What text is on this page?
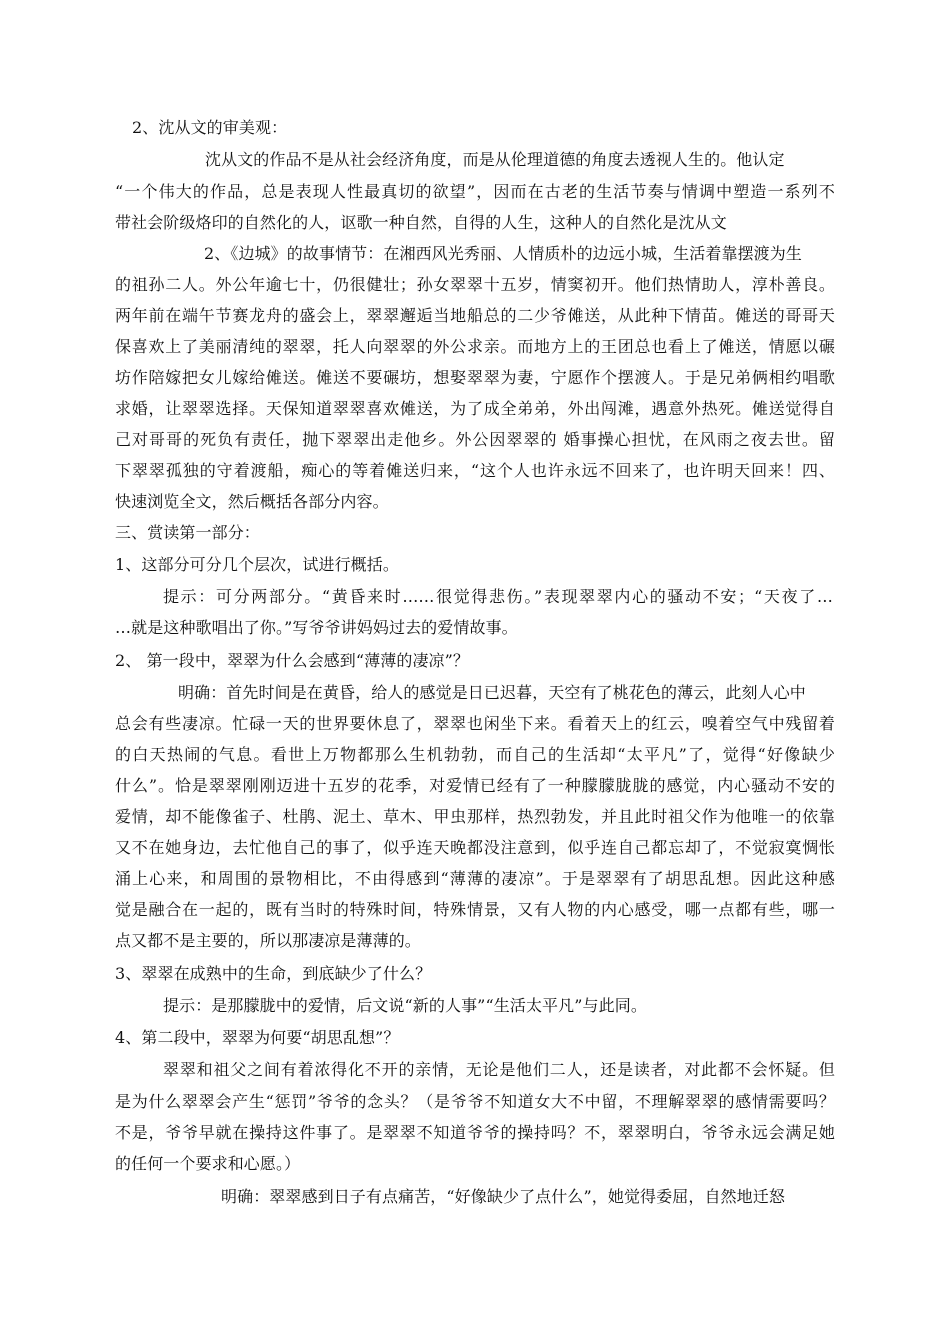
2、沈从文的审美观：
沈从文的作品不是从社会经济角度，而是从伦理道德的角度去透视人生的。他认定
“一个伟大的作品，总是表现人性最真切的欲望”，因而在古老的生活节奏与情调中塑造一系列不
带社会阶级烙印的自然化的人，讴歌一种自然，自得的人生，这种人的自然化是沈从文
2、《边城》的故事情节：在湘西风光秀丽、人情质朴的边远小城，生活着靠摆渡为生
的祖孙二人。外公年逾七十，仍很健壮；孙女翠翠十五岁，情窦初开。他们热情助人，淳朴善良。
两年前在端午节赛龙舟的盛会上，翠翠邂逅当地船总的二少爷傩送，从此种下情苗。傩送的哥哥天
保喜欢上了美丽清纯的翠翠，托人向翠翠的外公求亲。而地方上的王团总也看上了傩送，情愿以碾
坊作陪嫁把女儿嫁给傩送。傩送不要碾坊，想娶翠翠为妻，宁愿作个摆渡人。于是兄弟俩相约唱歌
求婚，让翠翠选择。天保知道翠翠喜欢傩送，为了成全弟弟，外出闯滩，遇意外热死。傩送觉得自
己对哥哥的死负有责任，抛下翠翠出走他乡。外公因翠翠的 婚事操心担忧，在风雨之夜去世。留
下翠翠孤独的守着渡船，痴心的等着傩送归来，“这个人也许永远不回来了，也许明天回来！四、
快速浏览全文，然后概括各部分内容。
三、赏读第一部分：
1、这部分可分几个层次，试进行概括。
提示：可分两部分。“黄昏来时……很觉得悲伤。”表现翠翠内心的骚动不安；“天夜了…
…就是这种歌唱出了你。”写爷爷讲妈妈过去的爱情故事。
2、 第一段中，翠翠为什么会感到“薄薄的凄凉”？
明确：首先时间是在黄昏，给人的感觉是日已迟暮，天空有了桃花色的薄云，此刻人心中
总会有些凄凉。忙碌一天的世界要休息了，翠翠也闲坐下来。看着天上的红云，嗅着空气中残留着
的白天热闹的气息。看世上万物都那么生机勃勃，而自己的生活却“太平凡”了，觉得“好像缺少
什么”。恰是翠翠刚刚迈进十五岁的花季，对爱情已经有了一种朦朦胧胧的感觉，内心骚动不安的
爱情，却不能像雀子、杜鹃、泥土、草木、甲虫那样，热烈勃发，并且此时祖父作为他唯一的依靠
又不在她身边，去忙他自己的事了，似乎连天晚都没注意到，似乎连自己都忘却了，不觉寂寞惆怅
涌上心来，和周围的景物相比，不由得感到“薄薄的凄凉”。于是翠翠有了胡思乱想。因此这种感
觉是融合在一起的，既有当时的特殊时间，特殊情景，又有人物的内心感受，哪一点都有些，哪一
点又都不是主要的，所以那凄凉是薄薄的。
3、翠翠在成熟中的生命，到底缺少了什么？
提示：是那朦胧中的爱情，后文说“新的人事”“生活太平凡”与此同。
4、第二段中，翠翠为何要“胡思乱想”？
翠翠和祖父之间有着浓得化不开的亲情，无论是他们二人，还是读者，对此都不会怀疑。但
是为什么翠翠会产生“惩罚”爷爷的念头？（是爷爷不知道女大不中留，不理解翠翠的感情需要吗？
不是，爷爷早就在操持这件事了。是翠翠不知道爷爷的操持吗？不，翠翠明白，爷爷永远会满足她
的任何一个要求和心愿。）
明确：翠翠感到日子有点痛苦，“好像缺少了点什么”，她觉得委屈，自然地迁怒
